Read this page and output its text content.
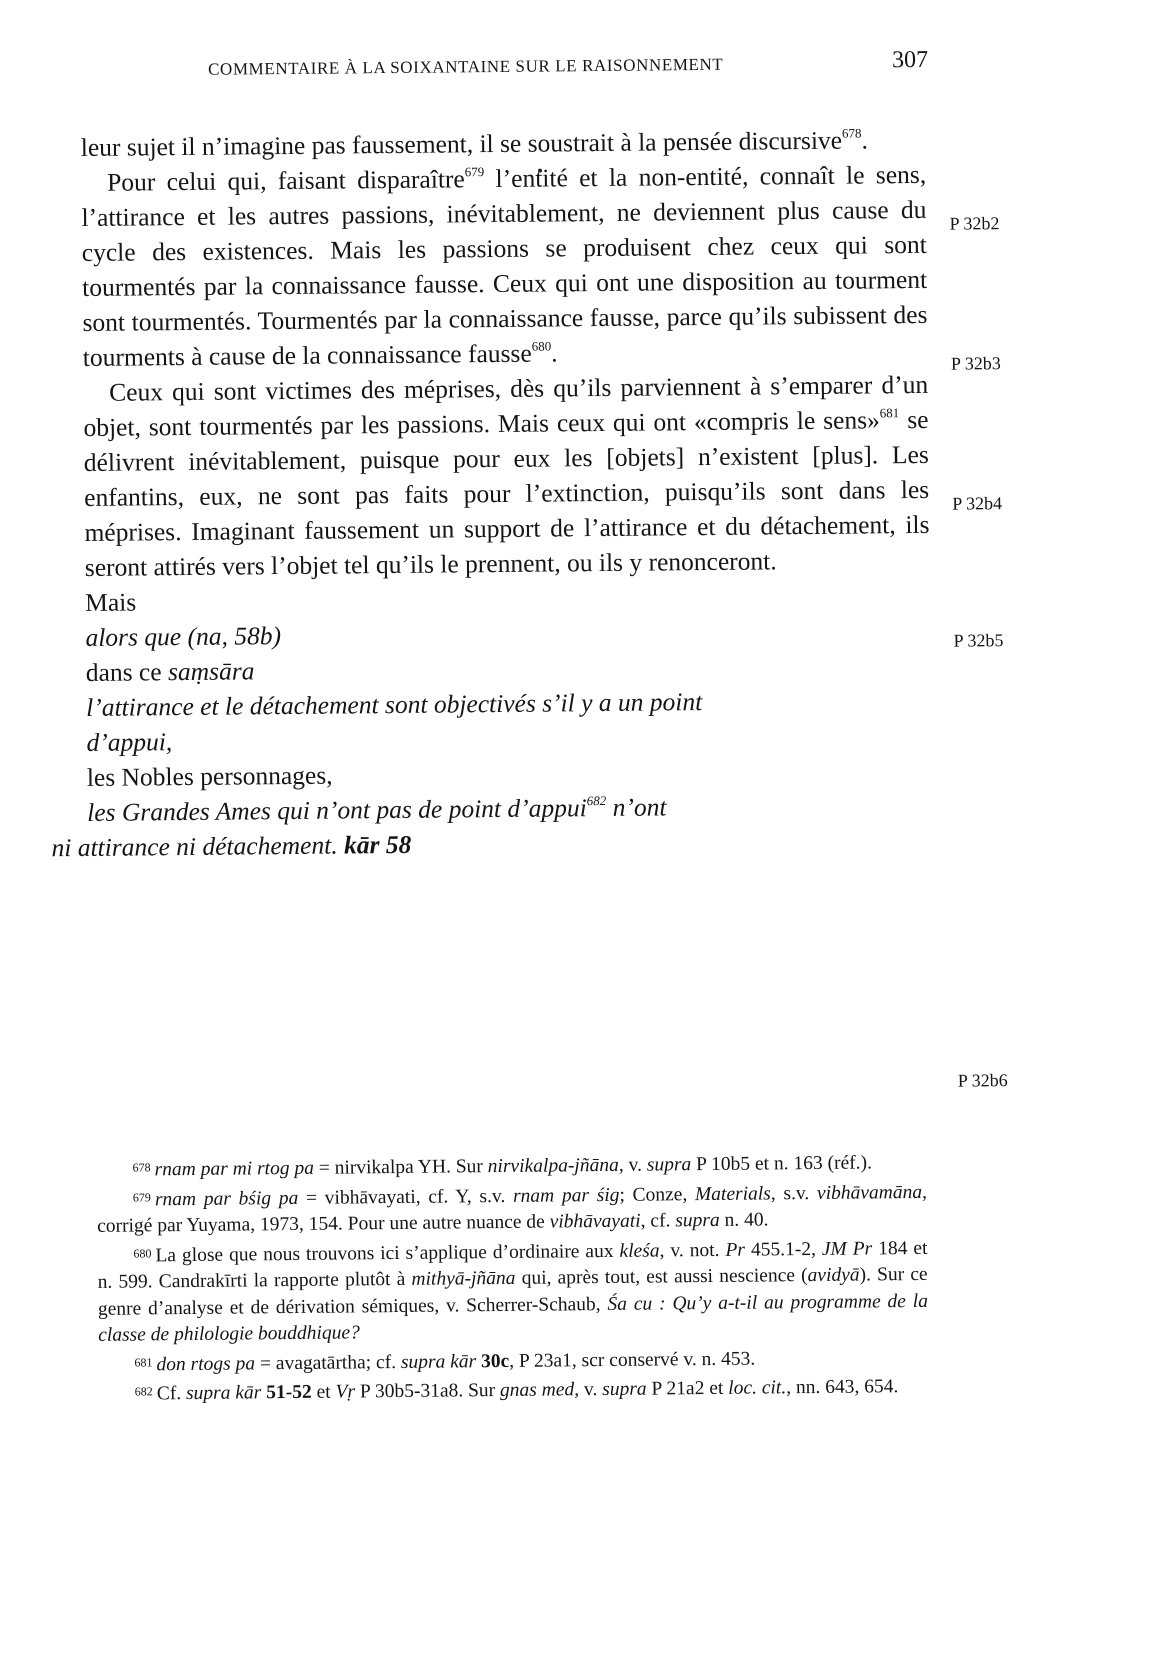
COMMENTAIRE À LA SOIXANTAINE SUR LE RAISONNEMENT	307

leur sujet il n’imagine pas faussement, il se soustrait à la pensée discursive$^{678}$.

Pour celui qui, faisant disparaître$^{679}$ l’entité et la non-entité, connaît le sens, l’attirance et les autres passions, inévitablement, ne deviennent plus cause du cycle des existences. Mais les passions se produisent chez ceux qui sont tourmentés par la connaissance fausse. Ceux qui ont une disposition au tourment sont tourmentés. Tourmentés par la connaissance fausse, parce qu’ils subissent des tourments à cause de la connaissance fausse$^{680}$.

Ceux qui sont victimes des méprises, dès qu’ils parviennent à s’emparer d’un objet, sont tourmentés par les passions. Mais ceux qui ont «compris le sens»$^{681}$ se délivrent inévitablement, puisque pour eux les [objets] n’existent [plus]. Les enfantins, eux, ne sont pas faits pour l’extinction, puisqu’ils sont dans les méprises. Imaginant faussement un support de l’attirance et du détachement, ils seront attirés vers l’objet tel qu’ils le prennent, ou ils y renonceront.

Mais

alors que (na, 58b)

dans ce saṃsāra

l’attirance et le détachement sont objectivés s’il y a un point d’appui,

les Nobles personnages,

les Grandes Ames qui n’ont pas de point d’appui$^{682}$ n’ont
ni attirance ni détachement. kār 58

P 32b2
P 32b3
P 32b4
P 32b5
P 32b6

$^{678}$ rnam par mi rtog pa = nirvikalpa YH. Sur nirvikalpa-jñāna, v. supra P 10b5 et n. 163 (réf.).

$^{679}$ rnam par bśig pa = vibhāvayati, cf. Y, s.v. rnam par śig; Conze, Materials, s.v. vibhāvamāna, corrigé par Yuyama, 1973, 154. Pour une autre nuance de vibhāvayati, cf. supra n. 40.

$^{680}$ La glose que nous trouvons ici s’applique d’ordinaire aux kleśa, v. not. Pr 455.1-2, JM Pr 184 et n. 599. Candrakīrti la rapporte plutôt à mithyā-jñāna qui, après tout, est aussi nescience (avidyā). Sur ce genre d’analyse et de dérivation sémiques, v. Scherrer-Schaub, Śa cu : Qu’y a-t-il au programme de la classe de philologie bouddhique?

$^{681}$ don rtogs pa = avagatārtha; cf. supra kār 30c, P 23a1, scr conservé v. n. 453.

$^{682}$ Cf. supra kār 51-52 et Vṛ P 30b5-31a8. Sur gnas med, v. supra P 21a2 et loc. cit., nn. 643, 654.
